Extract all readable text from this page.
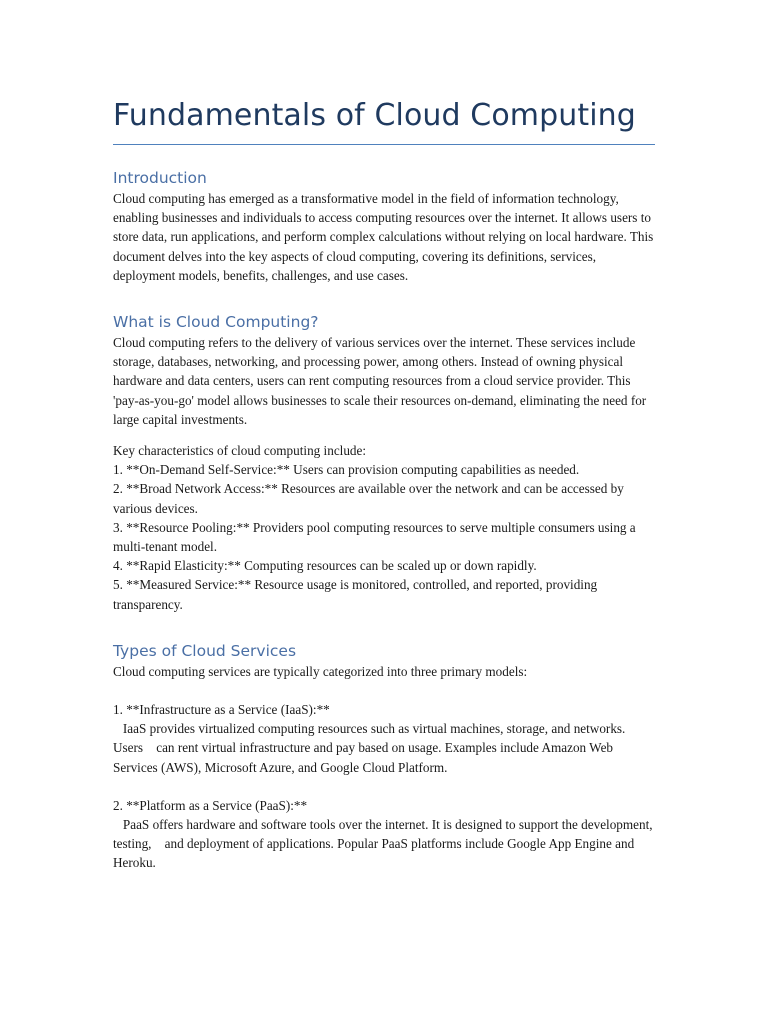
Fundamentals of Cloud Computing
Introduction

Cloud computing has emerged as a transformative model in the field of information technology, enabling businesses and individuals to access computing resources over the internet. It allows users to store data, run applications, and perform complex calculations without relying on local hardware. This document delves into the key aspects of cloud computing, covering its definitions, services, deployment models, benefits, challenges, and use cases.

What is Cloud Computing?

Cloud computing refers to the delivery of various services over the internet. These services include storage, databases, networking, and processing power, among others. Instead of owning physical hardware and data centers, users can rent computing resources from a cloud service provider. This 'pay-as-you-go' model allows businesses to scale their resources on-demand, eliminating the need for large capital investments.

Key characteristics of cloud computing include:

1. **On-Demand Self-Service:** Users can provision computing capabilities as needed.
2. **Broad Network Access:** Resources are available over the network and can be accessed by various devices.
3. **Resource Pooling:** Providers pool computing resources to serve multiple consumers using a multi-tenant model.
4. **Rapid Elasticity:** Computing resources can be scaled up or down rapidly.
5. **Measured Service:** Resource usage is monitored, controlled, and reported, providing transparency.
Types of Cloud Services

Cloud computing services are typically categorized into three primary models:

1. **Infrastructure as a Service (IaaS):**

IaaS provides virtualized computing resources such as virtual machines, storage, and networks. Users    can rent virtual infrastructure and pay based on usage. Examples include Amazon Web Services (AWS), Microsoft Azure, and Google Cloud Platform.

2. **Platform as a Service (PaaS):**

PaaS offers hardware and software tools over the internet. It is designed to support the development, testing,    and deployment of applications. Popular PaaS platforms include Google App Engine and Heroku.
